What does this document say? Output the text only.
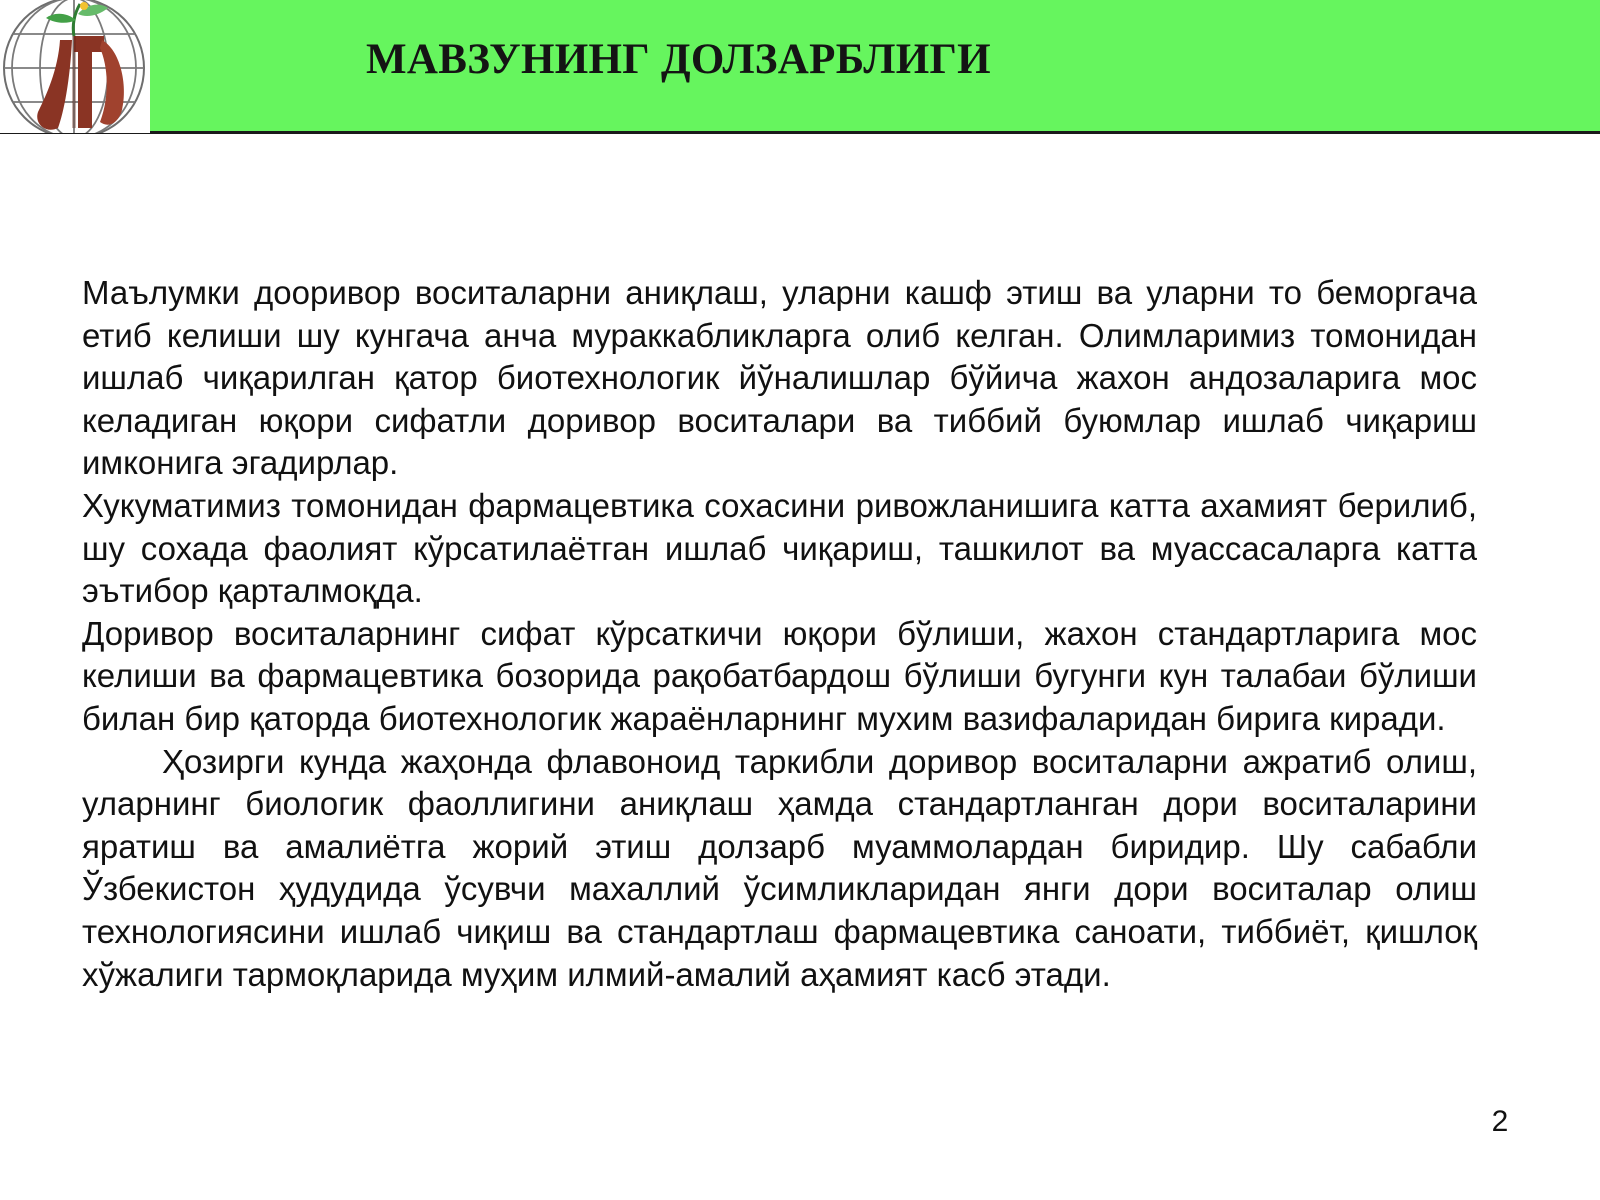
МАВЗУНИНГ ДОЛЗАРБЛИГИ

Маълумки дооривор воситаларни аниқлаш, уларни кашф этиш ва уларни то беморгача етиб келиши шу кунгача анча мураккабликларга олиб келган. Олимларимиз томонидан ишлаб чиқарилган қатор биотехнологик йўналишлар бўйича жахон андозаларига мос келадиган юқори сифатли доривор воситалари ва тиббий буюмлар ишлаб чиқариш имконига эгадирлар.

Хукуматимиз томонидан фармацевтика сохасини ривожланишига катта ахамият берилиб, шу сохада фаолият кўрсатилаётган ишлаб чиқариш, ташкилот ва муассасаларга катта эътибор қарталмоқда.

Доривор воситаларнинг сифат кўрсаткичи юқори бўлиши, жахон стандартларига мос келиши ва фармацевтика бозорида рақобатбардош бўлиши бугунги кун талабаи бўлиши билан бир қаторда биотехнологик жараёнларнинг мухим вазифаларидан бирига киради.

Ҳозирги кунда жаҳонда флавоноид таркибли доривор воситаларни ажратиб олиш, уларнинг биологик фаоллигини аниқлаш ҳамда стандартланган дори воситаларини яратиш ва амалиётга жорий этиш долзарб муаммолардан биридир. Шу сабабли Ўзбекистон ҳудудида ўсувчи махаллий ўсимликларидан янги дори воситалар олиш технологиясини ишлаб чиқиш ва стандартлаш фармацевтика саноати, тиббиёт, қишлоқ хўжалиги тармоқларида муҳим илмий-амалий аҳамият касб этади.

2
